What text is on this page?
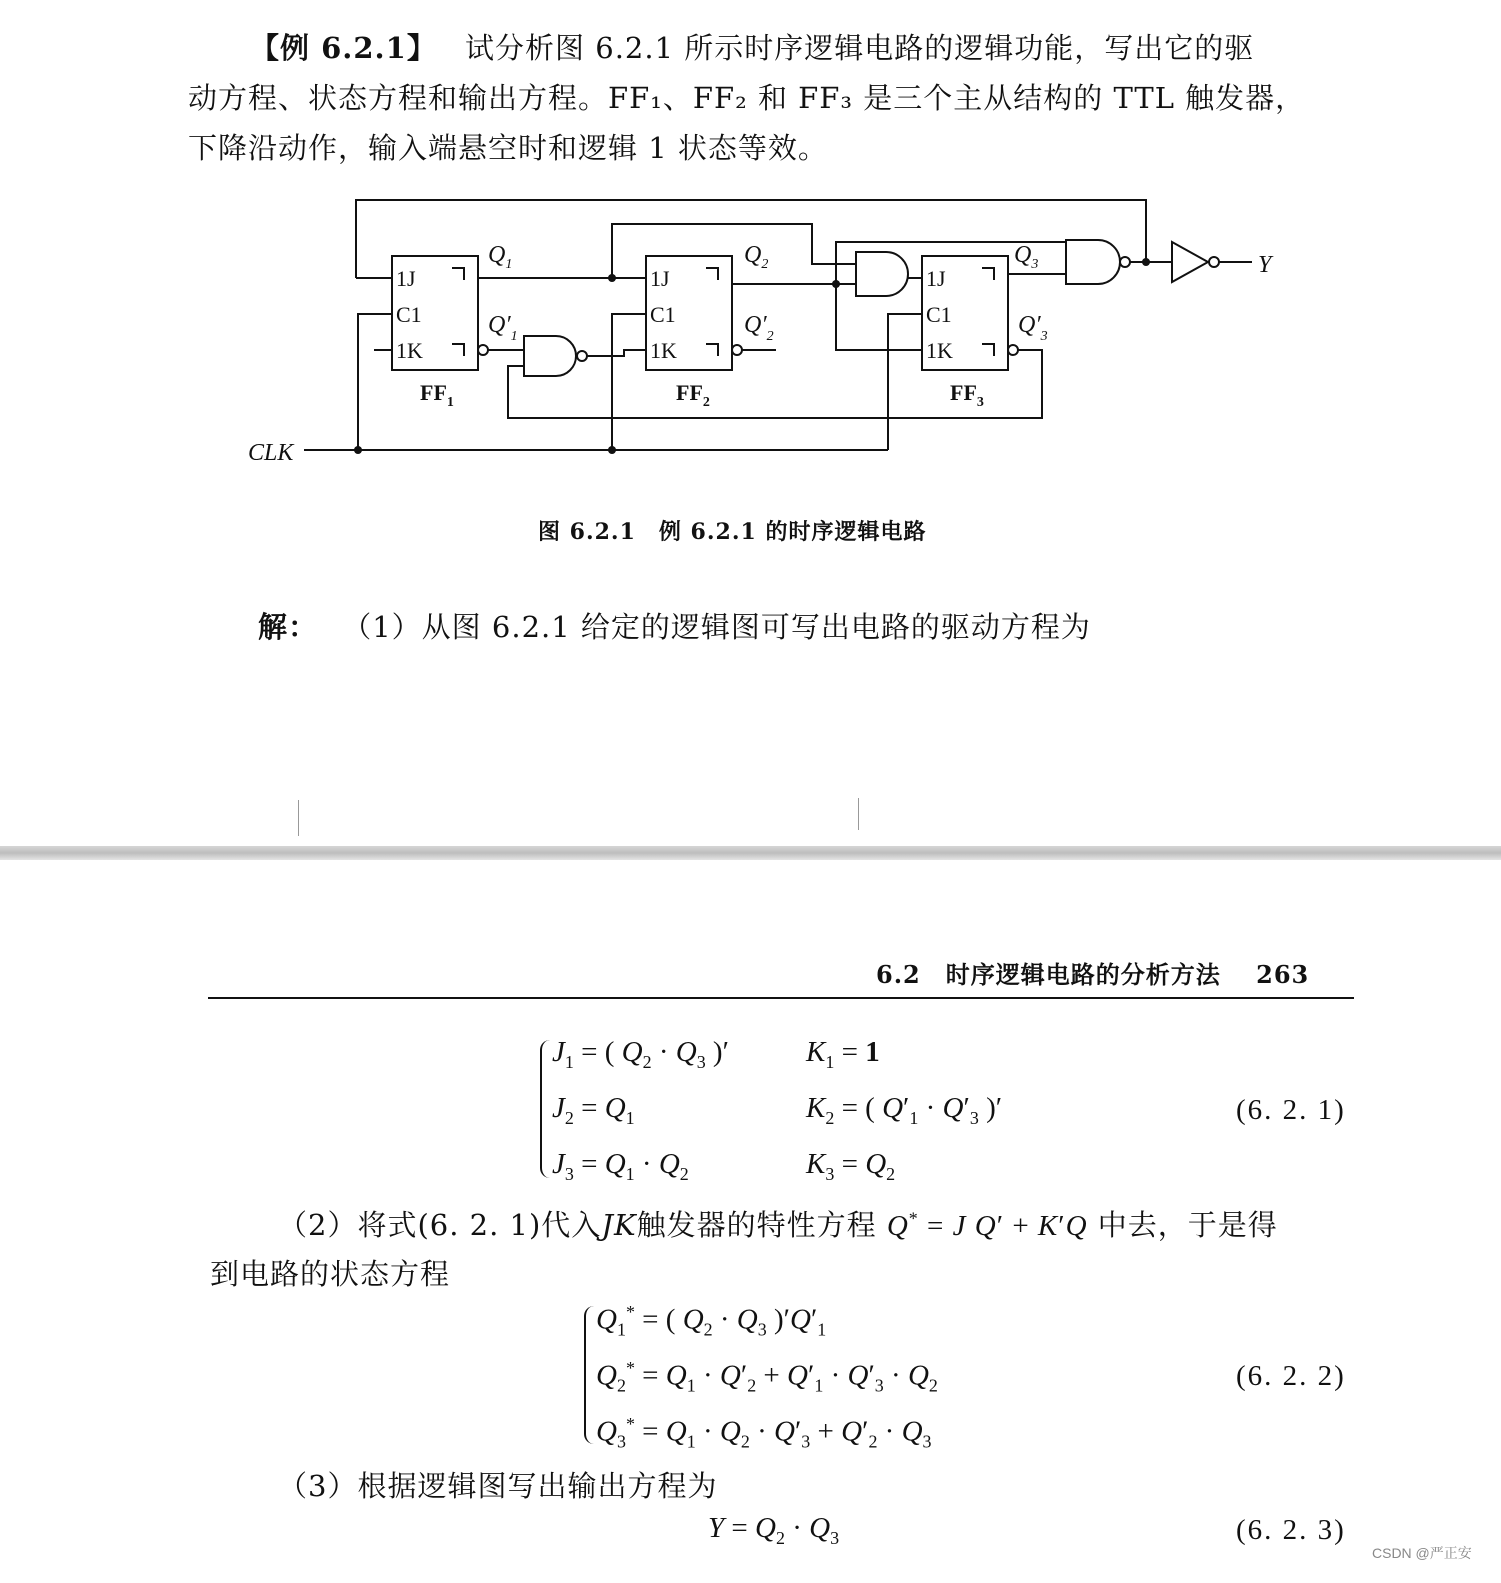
【例 6.2.1】 试分析图 6.2.1 所示时序逻辑电路的逻辑功能，写出它的驱
动方程、状态方程和输出方程。FF₁、FF₂ 和 FF₃ 是三个主从结构的 TTL 触发器，
下降沿动作，输入端悬空时和逻辑 1 状态等效。
1J
C1
1K
1J
C1
1K
1J
C1
1K
$FF_1$	$FF_2$	$FF_3$
$Q_1$	$Q_2$	$Q_3$
$Q'_1$	$Q'_2$	$Q'_3$
CLK
Y
图 6.2.1　例 6.2.1 的时序逻辑电路
解： （1）从图 6.2.1 给定的逻辑图可写出电路的驱动方程为
6.2　时序逻辑电路的分析方法 263
$J_1$ = ( $Q_2 \cdot Q_3$ )′	$K_1 = 1$
$J_2 = Q_1$	$K_2$ = ( $Q'_1 \cdot Q'_3$ )′
$J_3 = Q_1 \cdot Q_2$	$K_3 = Q_2$
(6. 2. 1)
（2）将式(6. 2. 1)代入JK触发器的特性方程 Q* = J Q′ + K′Q 中去，于是得
到电路的状态方程
$Q_1^*$ = ( $Q_2 \cdot Q_3$ )$'Q'_1$
$Q_2^* = Q_1 \cdot Q'_2 + Q'_1 \cdot Q'_3 \cdot Q_2$
$Q_3^* = Q_1 \cdot Q_2 \cdot Q'_3 + Q'_2 \cdot Q_3$
(6. 2. 2)
（3）根据逻辑图写出输出方程为
$Y = Q_2 \cdot Q_3$	(6. 2. 3)
CSDN @严正安
